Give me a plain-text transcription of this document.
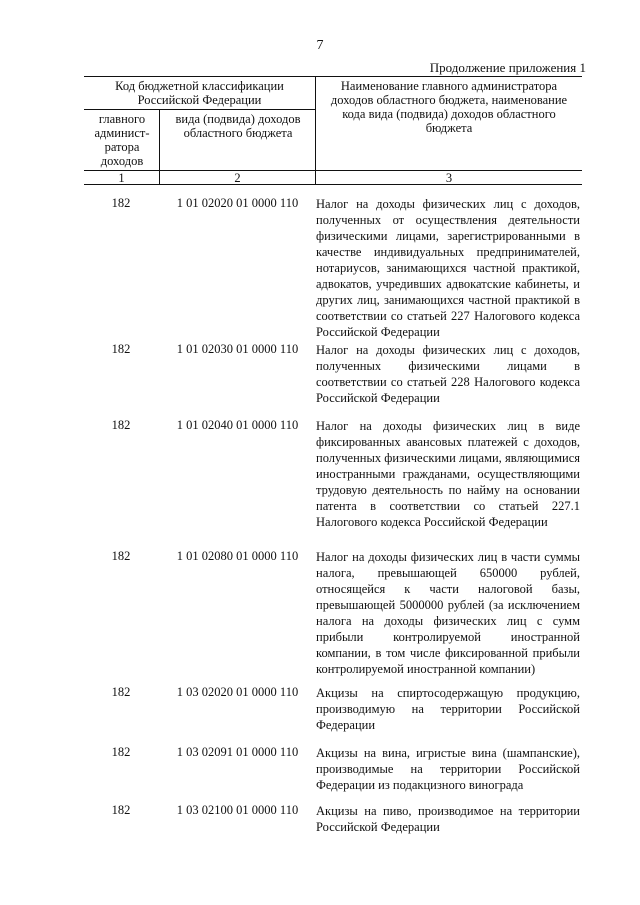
7
Продолжение приложения 1
Код бюджетной классификации Российской Федерации
главного админист-ратора доходов
вида (подвида) доходов областного бюджета
Наименование главного администратора доходов областного бюджета, наименование кода вида (подвида) доходов областного бюджета
1	2	3
182	1 01 02020 01 0000 110	Налог на доходы физических лиц с доходов, полученных от осуществления деятельности физическими лицами, зарегистрированными в качестве индивидуальных предпринимателей, нотариусов, занимающихся частной практикой, адвокатов, учредивших адвокатские кабинеты, и других лиц, занимающихся частной практикой в соответствии со статьей 227 Налогового кодекса Российской Федерации
182	1 01 02030 01 0000 110	Налог на доходы физических лиц с доходов, полученных физическими лицами в соответствии со статьей 228 Налогового кодекса Российской Федерации
182	1 01 02040 01 0000 110	Налог на доходы физических лиц в виде фиксированных авансовых платежей с доходов, полученных физическими лицами, являющимися иностранными гражданами, осуществляющими трудовую деятельность по найму на основании патента в соответствии со статьей 227.1 Налогового кодекса Российской Федерации
182	1 01 02080 01 0000 110	Налог на доходы физических лиц в части суммы налога, превышающей 650000 рублей, относящейся к части налоговой базы, превышающей 5000000 рублей (за исключением налога на доходы физических лиц с сумм прибыли контролируемой иностранной компании, в том числе фиксированной прибыли контролируемой иностранной компании)
182	1 03 02020 01 0000 110	Акцизы на спиртосодержащую продукцию, производимую на территории Российской Федерации
182	1 03 02091 01 0000 110	Акцизы на вина, игристые вина (шампанские), производимые на территории Российской Федерации из подакцизного винограда
182	1 03 02100 01 0000 110	Акцизы на пиво, производимое на территории Российской Федерации
